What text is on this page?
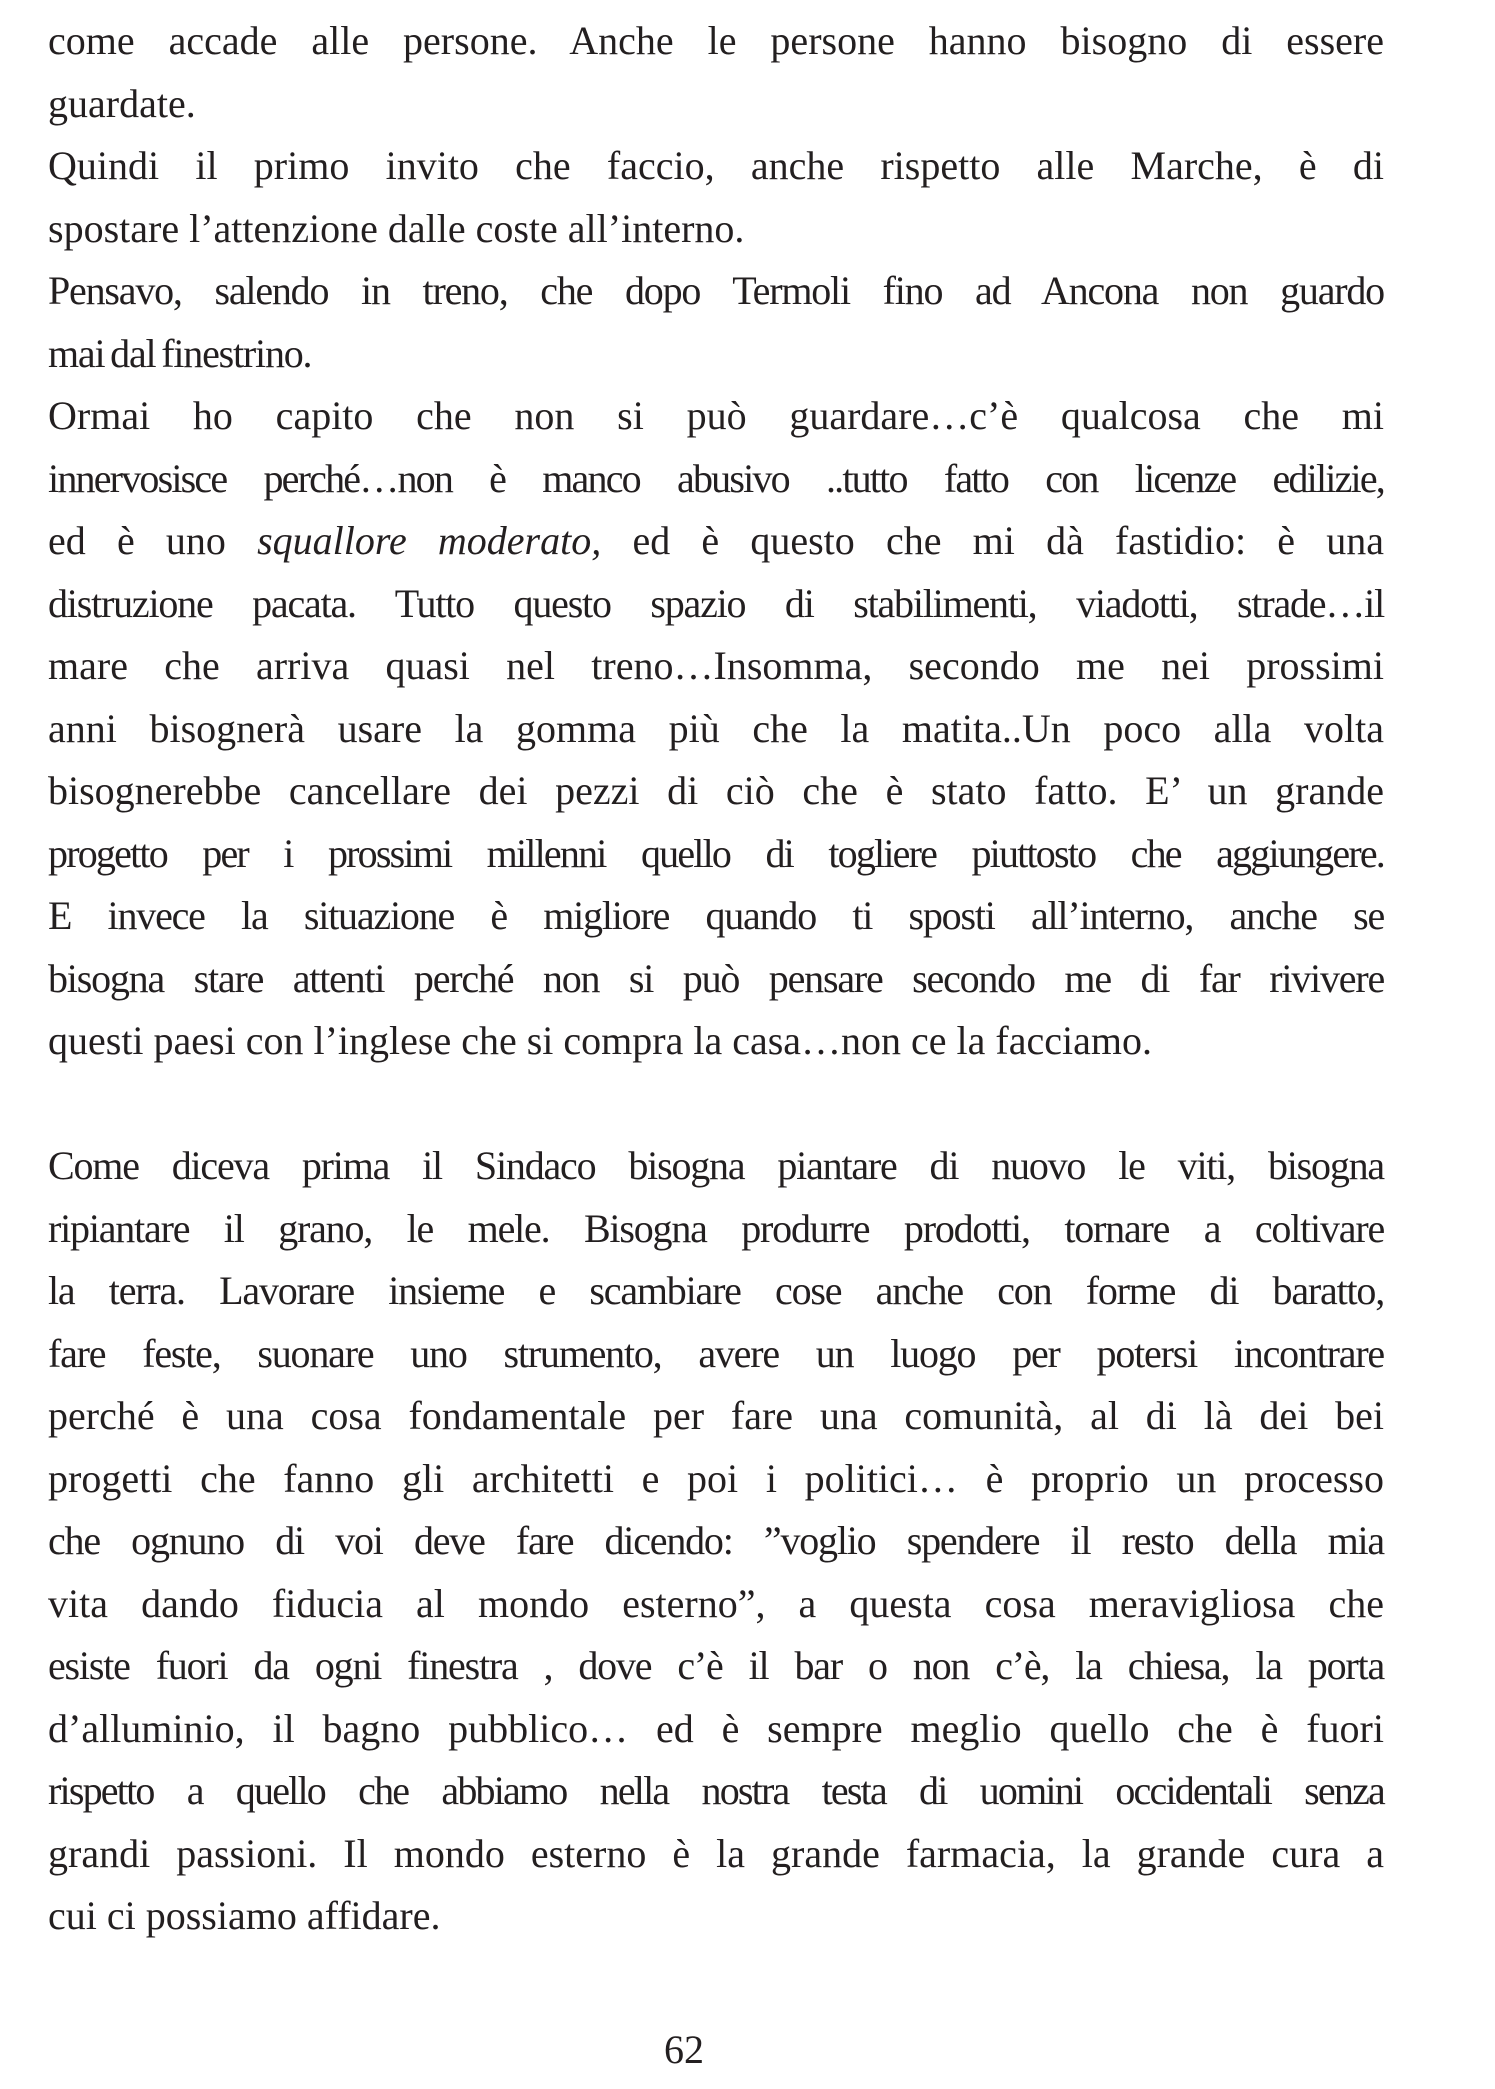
come accade alle persone. Anche le persone hanno bisogno di essere
guardate.
Quindi il primo invito che faccio, anche rispetto alle Marche, è di
spostare l’attenzione dalle coste all’interno.
Pensavo, salendo in treno, che dopo Termoli fino ad Ancona non guardo
mai dal finestrino.
Ormai ho capito che non si può guardare…c’è qualcosa che mi
innervosisce perché…non è manco abusivo ..tutto fatto con licenze edilizie,
ed è uno squallore moderato, ed è questo che mi dà fastidio: è una
distruzione pacata. Tutto questo spazio di stabilimenti, viadotti, strade…il
mare che arriva quasi nel treno…Insomma, secondo me nei prossimi
anni bisognerà usare la gomma più che la matita..Un poco alla volta
bisognerebbe cancellare dei pezzi di ciò che è stato fatto. E’ un grande
progetto per i prossimi millenni quello di togliere piuttosto che aggiungere.
E invece la situazione è migliore quando ti sposti all’interno, anche se
bisogna stare attenti perché non si può pensare secondo me di far rivivere
questi paesi con l’inglese che si compra la casa…non ce la facciamo.

Come diceva prima il Sindaco bisogna piantare di nuovo le viti, bisogna
ripiantare il grano, le mele. Bisogna produrre prodotti, tornare a coltivare
la terra. Lavorare insieme e scambiare cose anche con forme di baratto,
fare feste, suonare uno strumento, avere un luogo per potersi incontrare
perché è una cosa fondamentale per fare una comunità, al di là dei bei
progetti che fanno gli architetti e poi i politici… è proprio un processo
che ognuno di voi deve fare dicendo: ”voglio spendere il resto della mia
vita dando fiducia al mondo esterno”, a questa cosa meravigliosa che
esiste fuori da ogni finestra , dove c’è il bar o non c’è, la chiesa, la porta
d’alluminio, il bagno pubblico… ed è sempre meglio quello che è fuori
rispetto a quello che abbiamo nella nostra testa di uomini occidentali senza
grandi passioni. Il mondo esterno è la grande farmacia, la grande cura a
cui ci possiamo affidare.

62
